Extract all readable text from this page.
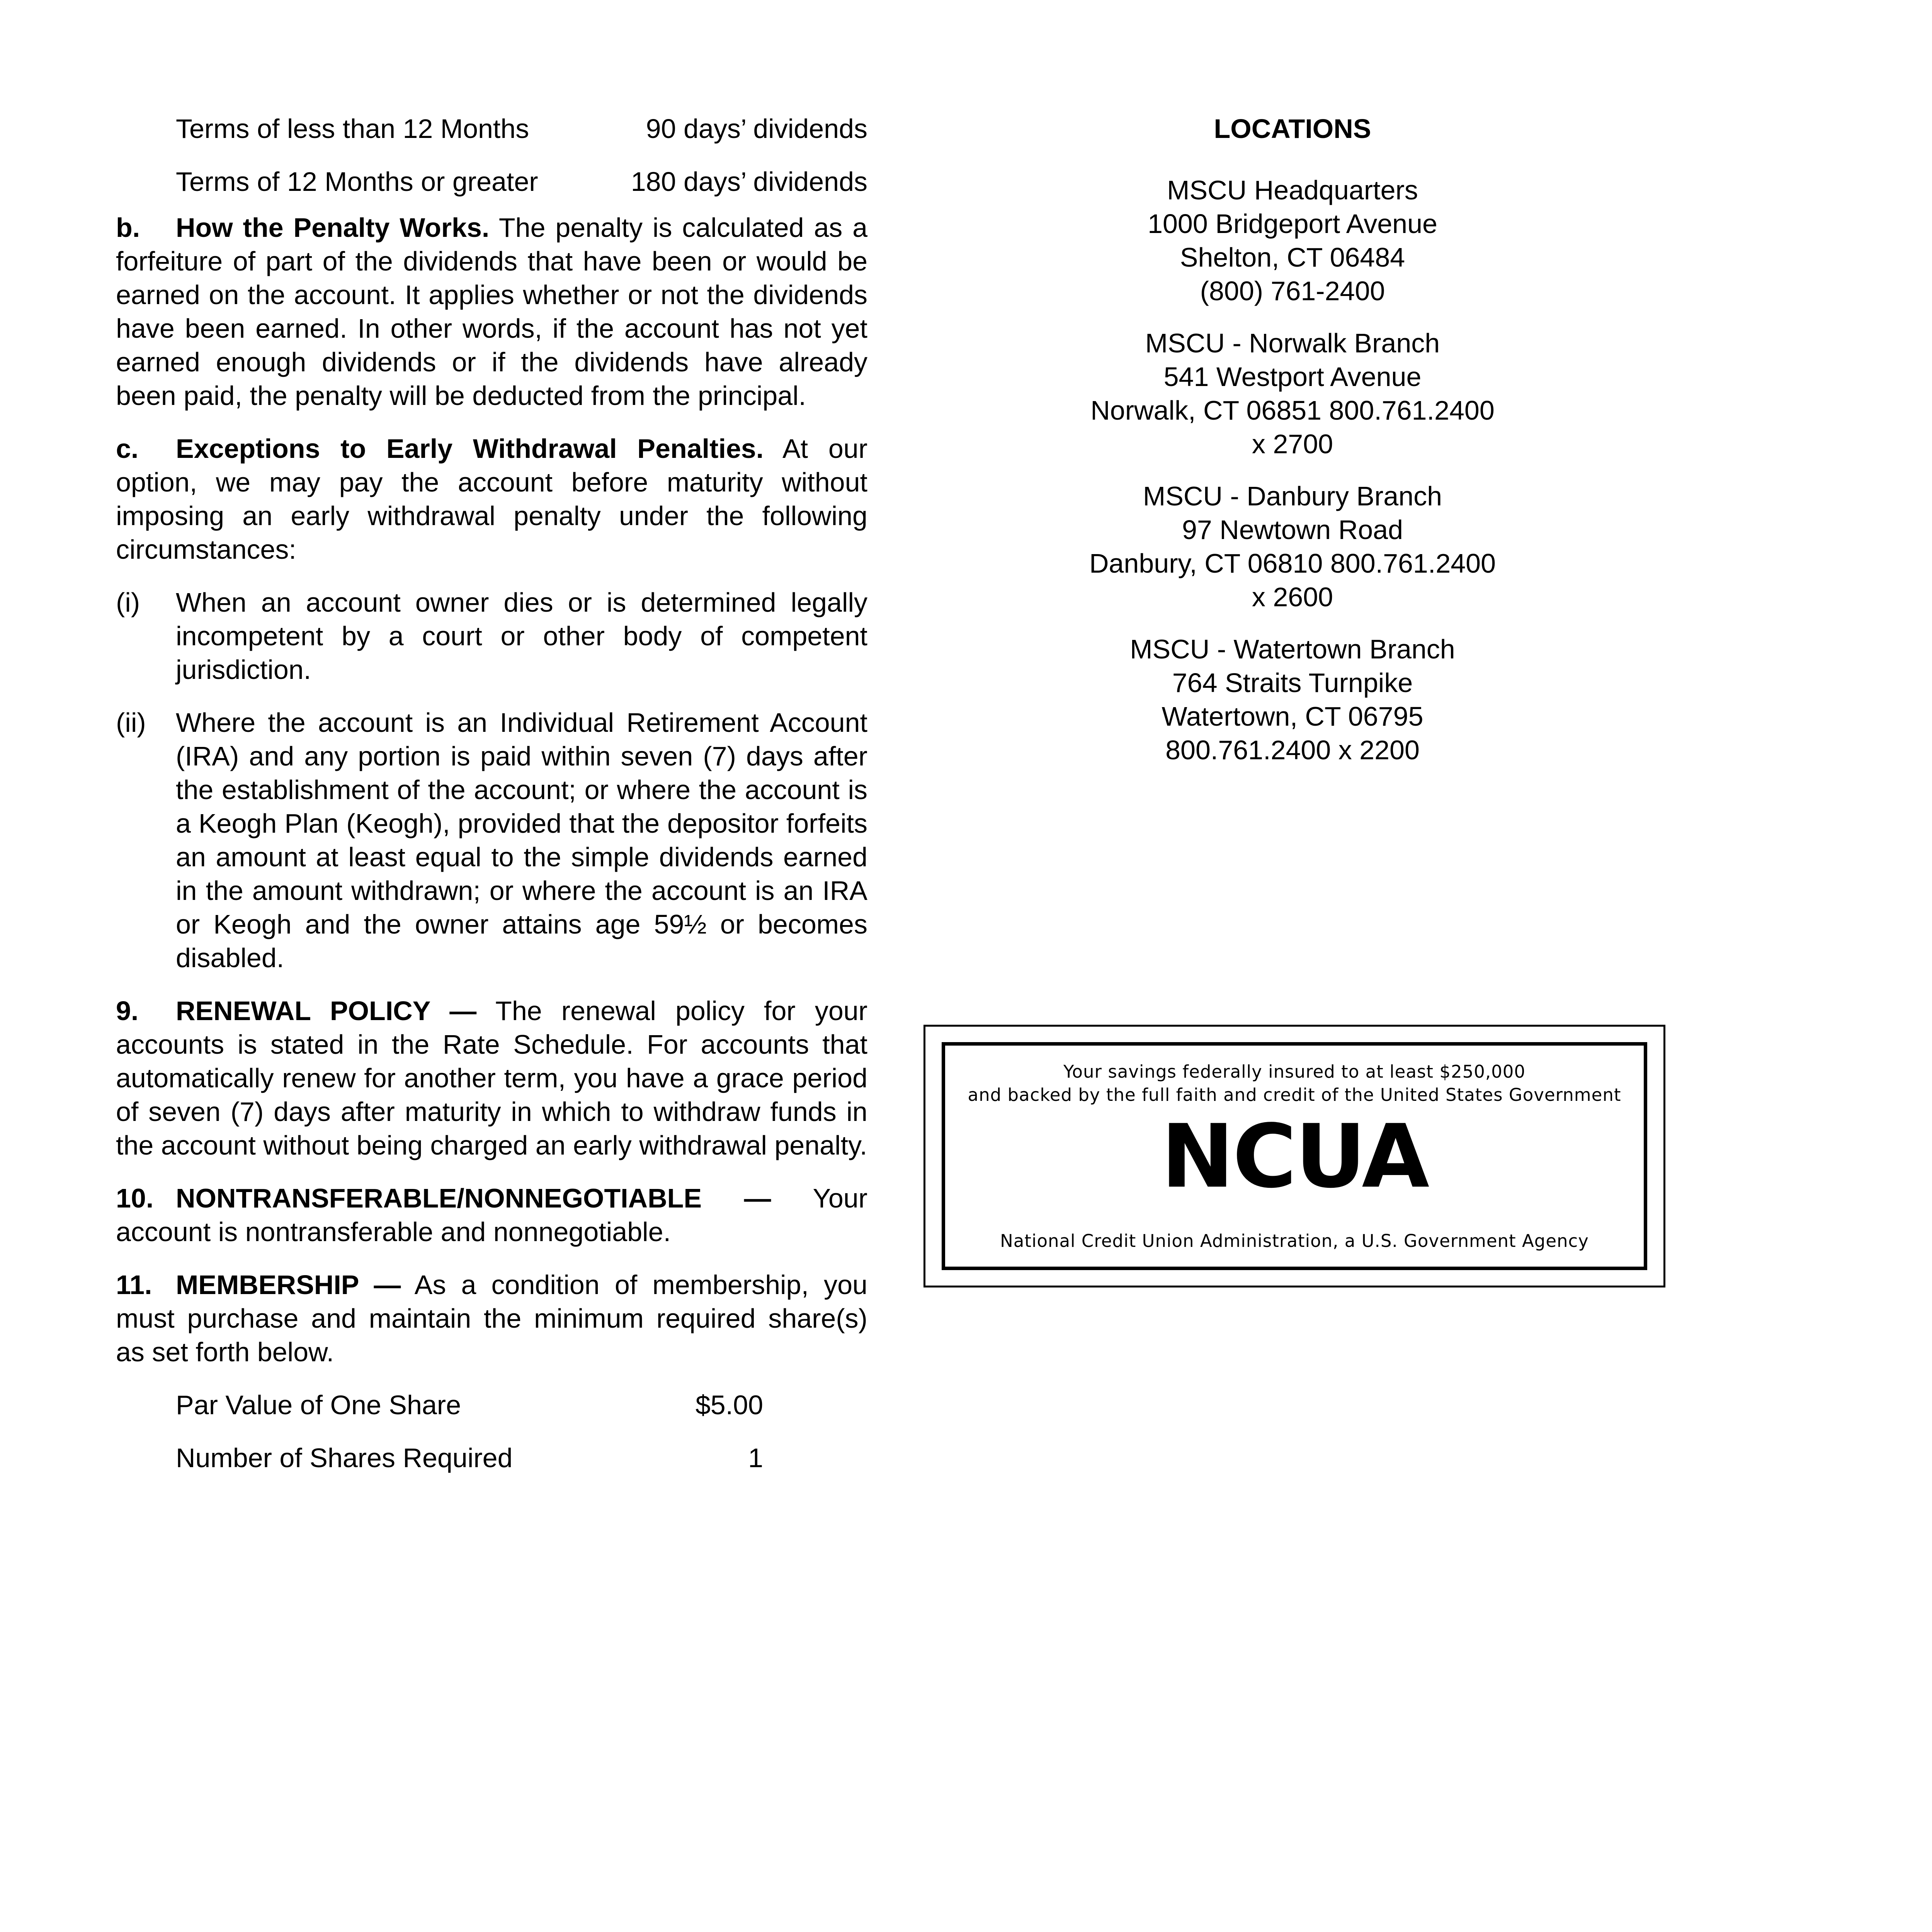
Terms of less than 12 Months	90 days’ dividends
Terms of 12 Months or greater	180 days’ dividends

b. How the Penalty Works. The penalty is calculated as a forfeiture of part of the dividends that have been or would be earned on the account. It applies whether or not the dividends have been earned. In other words, if the account has not yet earned enough dividends or if the dividends have already been paid, the penalty will be deducted from the principal.

c. Exceptions to Early Withdrawal Penalties. At our option, we may pay the account before maturity without imposing an early withdrawal penalty under the following circumstances:

(i)	When an account owner dies or is determined legally incompetent by a court or other body of competent jurisdiction.
(ii)	Where the account is an Individual Retirement Account (IRA) and any portion is paid within seven (7) days after the establishment of the account; or where the account is a Keogh Plan (Keogh), provided that the depositor forfeits an amount at least equal to the simple dividends earned in the amount withdrawn; or where the account is an IRA or Keogh and the owner attains age 59½ or becomes disabled.

9. RENEWAL POLICY — The renewal policy for your accounts is stated in the Rate Schedule. For accounts that automatically renew for another term, you have a grace period of seven (7) days after maturity in which to withdraw funds in the account without being charged an early withdrawal penalty.

10. NONTRANSFERABLE/NONNEGOTIABLE — Your account is nontransferable and nonnegotiable.

11. MEMBERSHIP — As a condition of membership, you must purchase and maintain the minimum required share(s) as set forth below.

Par Value of One Share	$5.00
Number of Shares Required	1
LOCATIONS
MSCU Headquarters
1000 Bridgeport Avenue
Shelton, CT 06484
(800) 761-2400
MSCU - Norwalk Branch
541 Westport Avenue
Norwalk, CT 06851 800.761.2400
x 2700
MSCU - Danbury Branch
97 Newtown Road
Danbury, CT 06810 800.761.2400
x 2600
MSCU - Watertown Branch
764 Straits Turnpike
Watertown, CT 06795
800.761.2400 x 2200
Your savings federally insured to at least $250,000
and backed by the full faith and credit of the United States Government
NCUA
National Credit Union Administration, a U.S. Government Agency
